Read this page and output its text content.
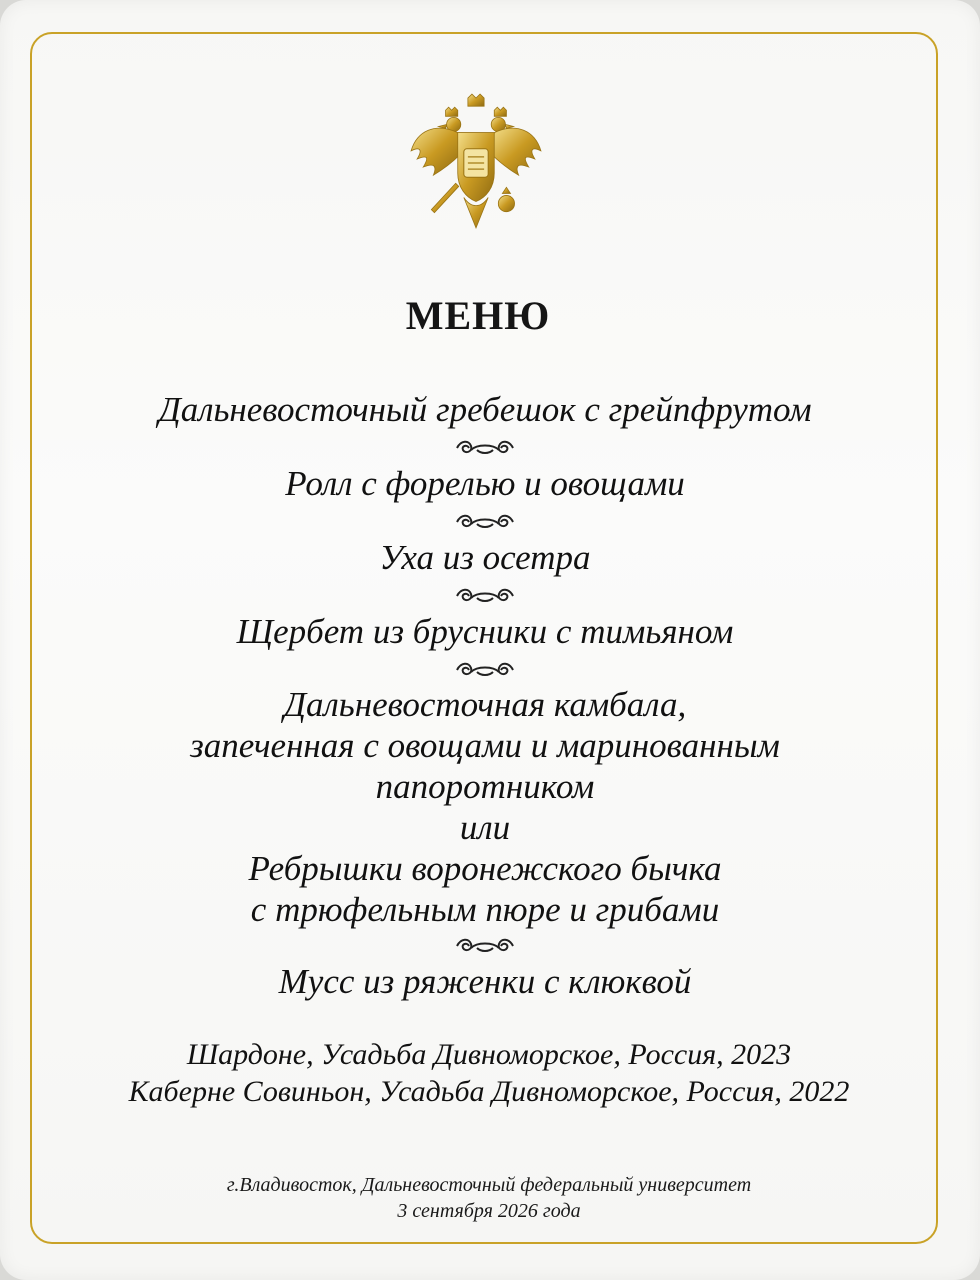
МЕНЮ
Дальневосточный гребешок с грейпфрутом
Ролл с форелью и овощами
Уха из осетра
Щербет из брусники с тимьяном
Дальневосточная камбала,
запеченная с овощами и маринованным
папоротником
или
Ребрышки воронежского бычка
с трюфельным пюре и грибами
Мусс из ряженки с клюквой
Шардоне, Усадьба Дивноморское, Россия, 2023
Каберне Совиньон, Усадьба Дивноморское, Россия, 2022
г.Владивосток, Дальневосточный федеральный университет
3 сентября 2026 года
